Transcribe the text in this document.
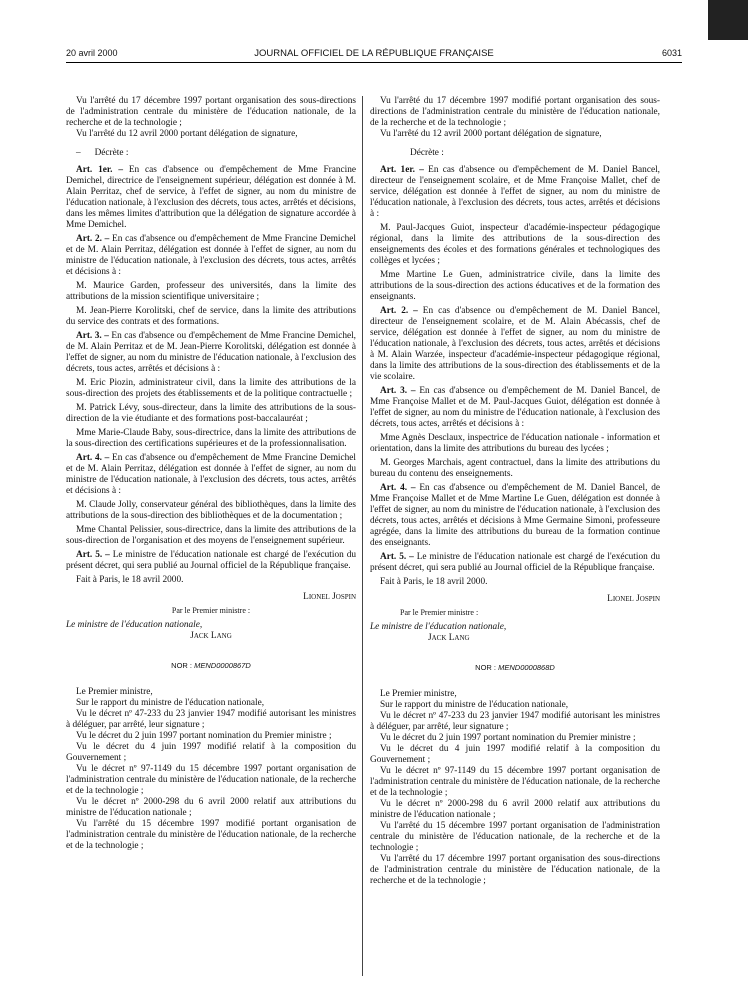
20 avril 2000	JOURNAL OFFICIEL DE LA RÉPUBLIQUE FRANÇAISE	6031

Vu l'arrêté du 17 décembre 1997 portant organisation des sous-directions de l'administration centrale du ministère de l'éducation nationale, de la recherche et de la technologie ;

Vu l'arrêté du 12 avril 2000 portant délégation de signature,

–      Décrète :

Art. 1er. – En cas d'absence ou d'empêchement de Mme Francine Demichel, directrice de l'enseignement supérieur, délégation est donnée à M. Alain Perritaz, chef de service, à l'effet de signer, au nom du ministre de l'éducation nationale, à l'exclusion des décrets, tous actes, arrêtés et décisions, dans les mêmes limites d'attribution que la délégation de signature accordée à Mme Demichel.

Art. 2. – En cas d'absence ou d'empêchement de Mme Francine Demichel et de M. Alain Perritaz, délégation est donnée à l'effet de signer, au nom du ministre de l'éducation nationale, à l'exclusion des décrets, tous actes, arrêtés et décisions à :

M. Maurice Garden, professeur des universités, dans la limite des attributions de la mission scientifique universitaire ;

M. Jean-Pierre Korolitski, chef de service, dans la limite des attributions du service des contrats et des formations.

Art. 3. – En cas d'absence ou d'empêchement de Mme Francine Demichel, de M. Alain Perritaz et de M. Jean-Pierre Korolitski, délégation est donnée à l'effet de signer, au nom du ministre de l'éducation nationale, à l'exclusion des décrets, tous actes, arrêtés et décisions à :

M. Eric Piozin, administrateur civil, dans la limite des attributions de la sous-direction des projets des établissements et de la politique contractuelle ;

M. Patrick Lévy, sous-directeur, dans la limite des attributions de la sous-direction de la vie étudiante et des formations post-baccalauréat ;

Mme Marie-Claude Baby, sous-directrice, dans la limite des attributions de la sous-direction des certifications supérieures et de la professionnalisation.

Art. 4. – En cas d'absence ou d'empêchement de Mme Francine Demichel et de M. Alain Perritaz, délégation est donnée à l'effet de signer, au nom du ministre de l'éducation nationale, à l'exclusion des décrets, tous actes, arrêtés et décisions à :

M. Claude Jolly, conservateur général des bibliothèques, dans la limite des attributions de la sous-direction des bibliothèques et de la documentation ;

Mme Chantal Pelissier, sous-directrice, dans la limite des attributions de la sous-direction de l'organisation et des moyens de l'enseignement supérieur.

Art. 5. – Le ministre de l'éducation nationale est chargé de l'exécution du présent décret, qui sera publié au Journal officiel de la République française.

Fait à Paris, le 18 avril 2000.

Lionel Jospin

Par le Premier ministre :

Le ministre de l'éducation nationale,

Jack Lang

NOR : MEND0000867D

Le Premier ministre,

Sur le rapport du ministre de l'éducation nationale,

Vu le décret nº 47-233 du 23 janvier 1947 modifié autorisant les ministres à déléguer, par arrêté, leur signature ;

Vu le décret du 2 juin 1997 portant nomination du Premier ministre ;

Vu le décret du 4 juin 1997 modifié relatif à la composition du Gouvernement ;

Vu le décret nº 97-1149 du 15 décembre 1997 portant organisation de l'administration centrale du ministère de l'éducation nationale, de la recherche et de la technologie ;

Vu le décret nº 2000-298 du 6 avril 2000 relatif aux attributions du ministre de l'éducation nationale ;

Vu l'arrêté du 15 décembre 1997 modifié portant organisation de l'administration centrale du ministère de l'éducation nationale, de la recherche et de la technologie ;

Vu l'arrêté du 17 décembre 1997 modifié portant organisation des sous-directions de l'administration centrale du ministère de l'éducation nationale, de la recherche et de la technologie ;

Vu l'arrêté du 12 avril 2000 portant délégation de signature,

Décrète :

Art. 1er. – En cas d'absence ou d'empêchement de M. Daniel Bancel, directeur de l'enseignement scolaire, et de Mme Françoise Mallet, chef de service, délégation est donnée à l'effet de signer, au nom du ministre de l'éducation nationale, à l'exclusion des décrets, tous actes, arrêtés et décisions à :

M. Paul-Jacques Guiot, inspecteur d'académie-inspecteur pédagogique régional, dans la limite des attributions de la sous-direction des enseignements des écoles et des formations générales et technologiques des collèges et lycées ;

Mme Martine Le Guen, administratrice civile, dans la limite des attributions de la sous-direction des actions éducatives et de la formation des enseignants.

Art. 2. – En cas d'absence ou d'empêchement de M. Daniel Bancel, directeur de l'enseignement scolaire, et de M. Alain Abécassis, chef de service, délégation est donnée à l'effet de signer, au nom du ministre de l'éducation nationale, à l'exclusion des décrets, tous actes, arrêtés et décisions à M. Alain Warzée, inspecteur d'académie-inspecteur pédagogique régional, dans la limite des attributions de la sous-direction des établissements et de la vie scolaire.

Art. 3. – En cas d'absence ou d'empêchement de M. Daniel Bancel, de Mme Françoise Mallet et de M. Paul-Jacques Guiot, délégation est donnée à l'effet de signer, au nom du ministre de l'éducation nationale, à l'exclusion des décrets, tous actes, arrêtés et décisions à :

Mme Agnès Desclaux, inspectrice de l'éducation nationale - information et orientation, dans la limite des attributions du bureau des lycées ;

M. Georges Marchais, agent contractuel, dans la limite des attributions du bureau du contenu des enseignements.

Art. 4. – En cas d'absence ou d'empêchement de M. Daniel Bancel, de Mme Françoise Mallet et de Mme Martine Le Guen, délégation est donnée à l'effet de signer, au nom du ministre de l'éducation nationale, à l'exclusion des décrets, tous actes, arrêtés et décisions à Mme Germaine Simoni, professeure agrégée, dans la limite des attributions du bureau de la formation continue des enseignants.

Art. 5. – Le ministre de l'éducation nationale est chargé de l'exécution du présent décret, qui sera publié au Journal officiel de la République française.

Fait à Paris, le 18 avril 2000.

Lionel Jospin

Par le Premier ministre :

Le ministre de l'éducation nationale,

Jack Lang

NOR : MEND0000868D

Le Premier ministre,

Sur le rapport du ministre de l'éducation nationale,

Vu le décret nº 47-233 du 23 janvier 1947 modifié autorisant les ministres à déléguer, par arrêté, leur signature ;

Vu le décret du 2 juin 1997 portant nomination du Premier ministre ;

Vu le décret du 4 juin 1997 modifié relatif à la composition du Gouvernement ;

Vu le décret nº 97-1149 du 15 décembre 1997 portant organisation de l'administration centrale du ministère de l'éducation nationale, de la recherche et de la technologie ;

Vu le décret nº 2000-298 du 6 avril 2000 relatif aux attributions du ministre de l'éducation nationale ;

Vu l'arrêté du 15 décembre 1997 portant organisation de l'administration centrale du ministère de l'éducation nationale, de la recherche et de la technologie ;

Vu l'arrêté du 17 décembre 1997 portant organisation des sous-directions de l'administration centrale du ministère de l'éducation nationale, de la recherche et de la technologie ;
